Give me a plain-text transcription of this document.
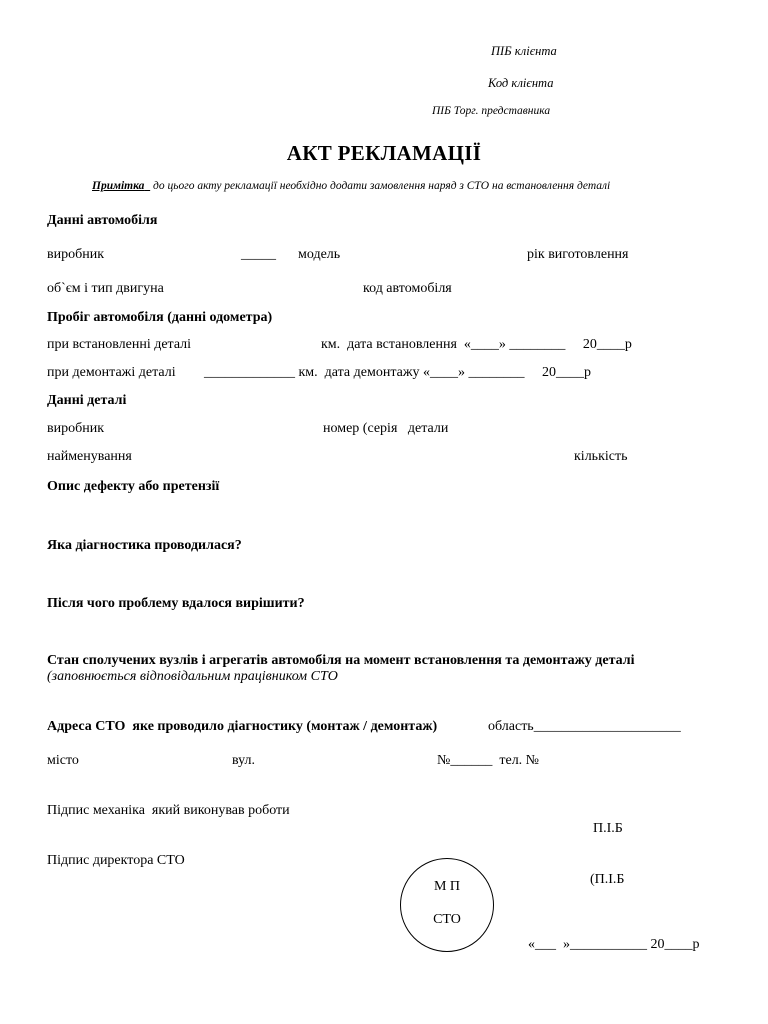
ПІБ клієнта
Код клієнта
ПІБ Торг. представника
АКТ РЕКЛАМАЦІЇ
Примітка до цього акту рекламації необхідно додати замовлення наряд з СТО на встановлення деталі
Данні автомобіля
виробник	_____ модель	рік виготовлення
об`єм і тип двигуна	код автомобіля
Пробіг автомобіля (данні одометра)
при встановленні деталі	км.  дата встановлення  «____» ________     20____р
при демонтажі деталі _____________ км.  дата демонтажу «____» ________     20____р
Данні деталі
виробник	номер (серія   детали
найменування	кількість
Опис дефекту або претензії
Яка діагностика проводилася?
Після чого проблему вдалося вирішити?
Стан сполучених вузлів і агрегатів автомобіля на момент встановлення та демонтажу деталі
(заповнюється відповідальним працівником СТО
Адреса СТО  яке проводило діагностику (монтаж / демонтаж)	область_____________________
місто	вул.	№______  тел. №
Підпис механіка  який виконував роботи
П.І.Б
Підпис директора СТО
(П.І.Б
М П
СТО
«___  »___________ 20____р
